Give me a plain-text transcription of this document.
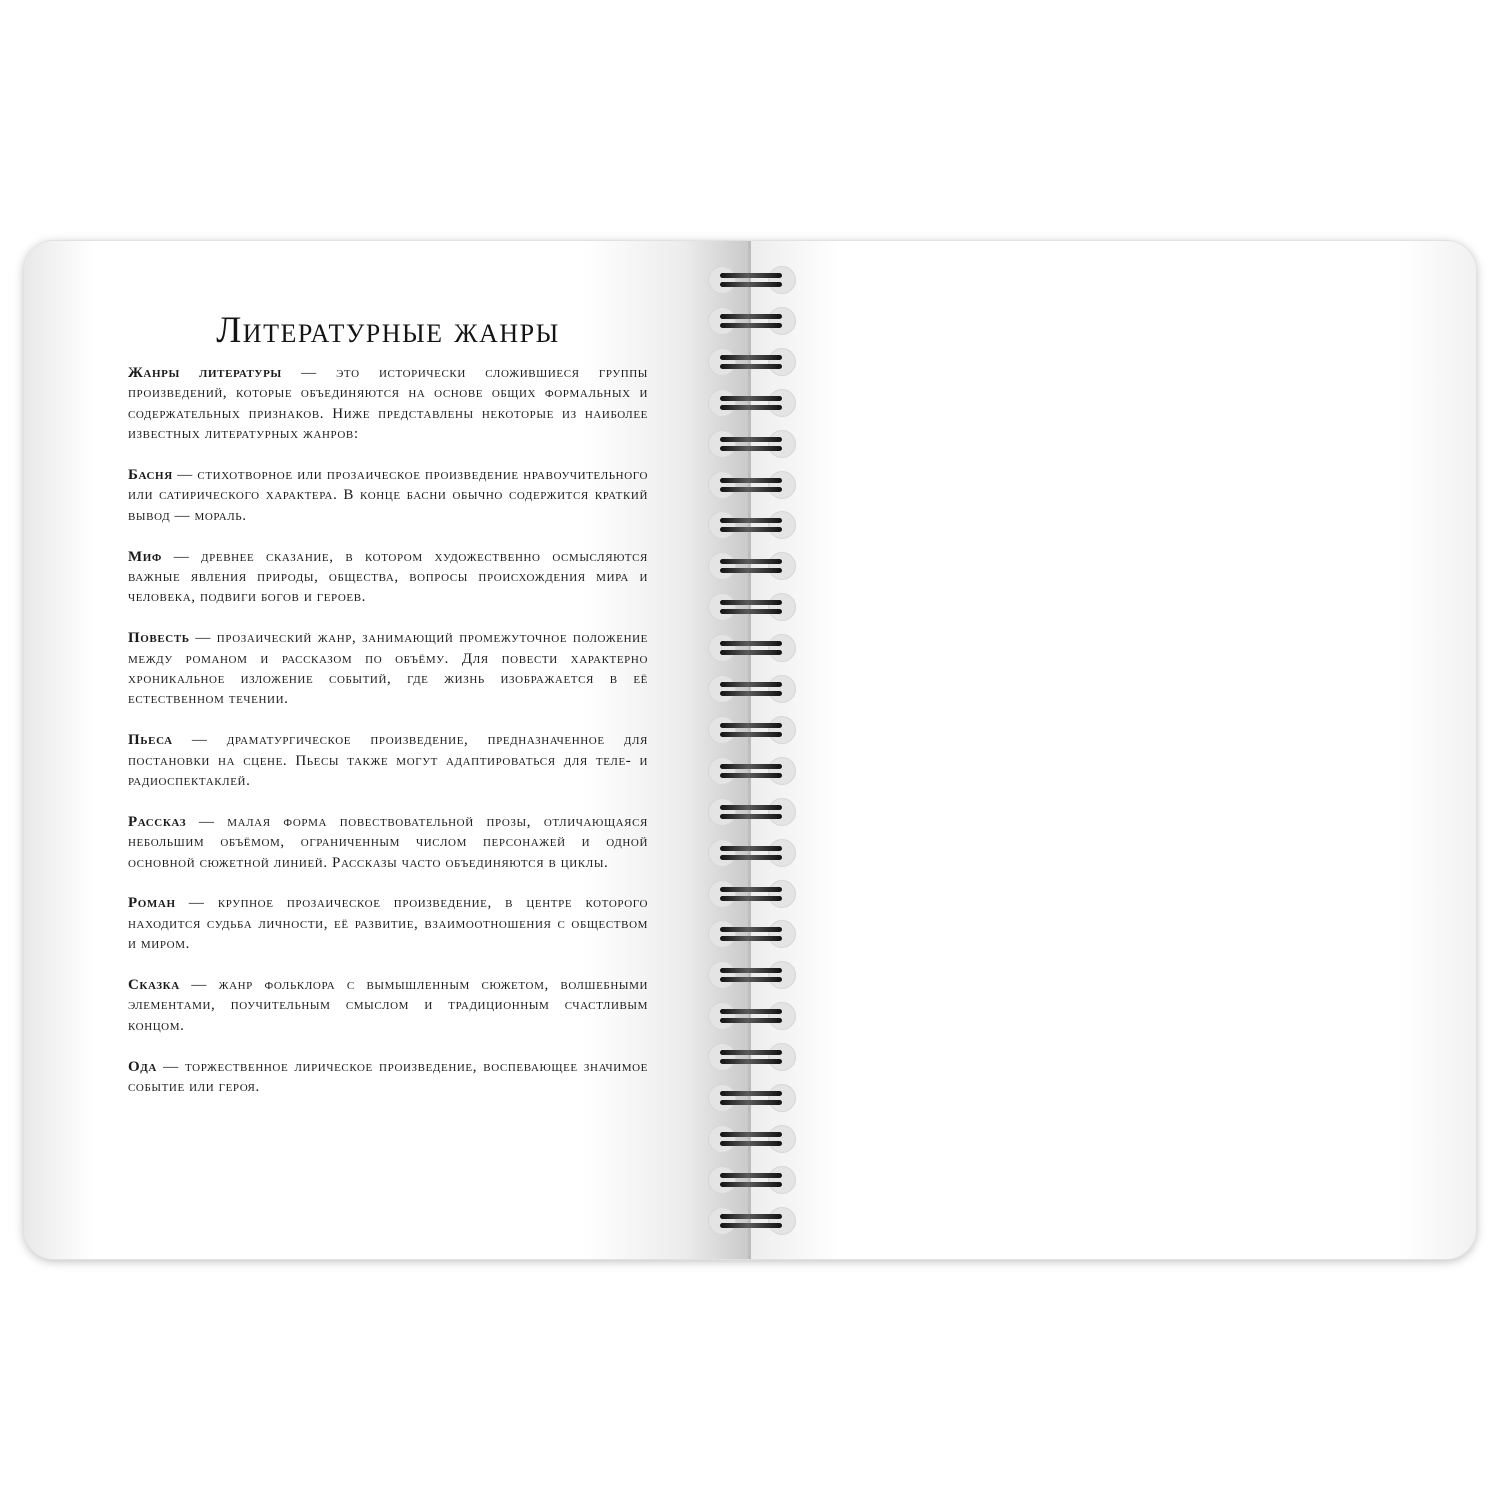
Литературные жанры

Жанры литературы — это исторически сложившиеся группы произведений, которые объединяются на основе общих формальных и содержательных признаков. Ниже представлены некоторые из наиболее известных литературных жанров:

Басня — стихотворное или прозаическое произведение нравоучительного или сатирического характера. В конце басни обычно содержится краткий вывод — мораль.

Миф — древнее сказание, в котором художественно осмысляются важные явления природы, общества, вопросы происхождения мира и человека, подвиги богов и героев.

Повесть — прозаический жанр, занимающий промежуточное положение между романом и рассказом по объёму. Для повести характерно хроникальное изложение событий, где жизнь изображается в её естественном течении.

Пьеса — драматургическое произведение, предназначенное для постановки на сцене. Пьесы также могут адаптироваться для теле- и радиоспектаклей.

Рассказ — малая форма повествовательной прозы, отличающаяся небольшим объёмом, ограниченным числом персонажей и одной основной сюжетной линией. Рассказы часто объединяются в циклы.

Роман — крупное прозаическое произведение, в центре которого находится судьба личности, её развитие, взаимоотношения с обществом и миром.

Сказка — жанр фольклора с вымышленным сюжетом, волшебными элементами, поучительным смыслом и традиционным счастливым концом.

Ода — торжественное лирическое произведение, воспевающее значимое событие или героя.
